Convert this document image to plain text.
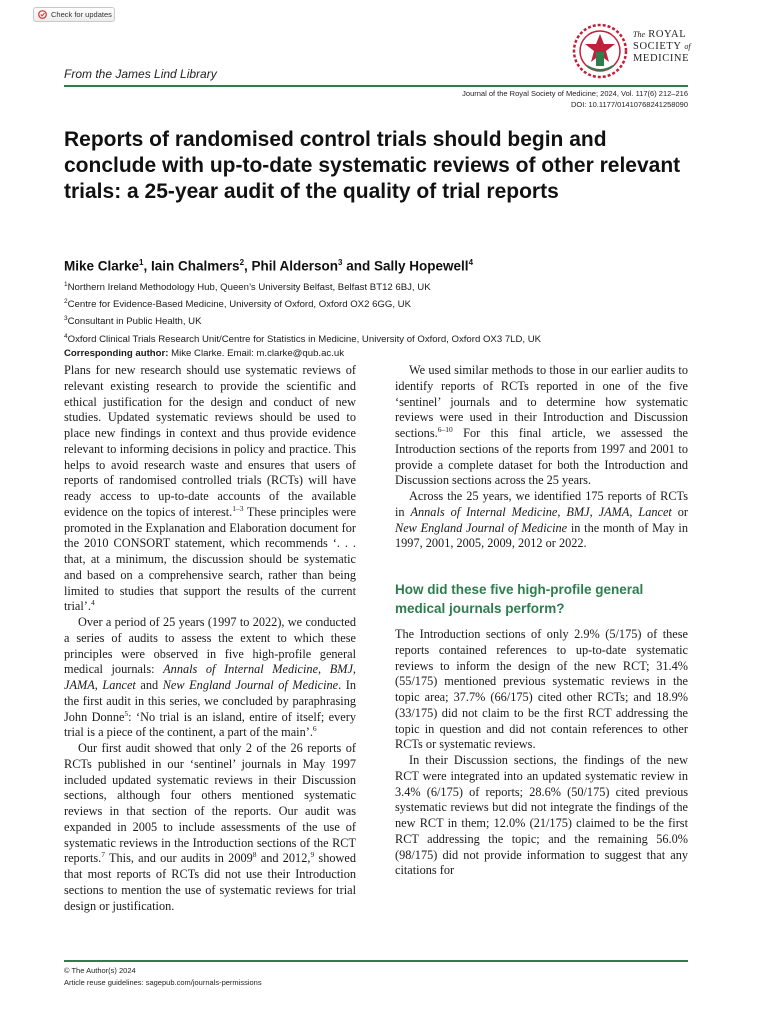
Check for updates
The ROYAL
SOCIETY of
MEDICINE
From the James Lind Library
Journal of the Royal Society of Medicine; 2024, Vol. 117(6) 212–216
DOI: 10.1177/01410768241258090
Reports of randomised control trials should begin and conclude with up-to-date systematic reviews of other relevant trials: a 25-year audit of the quality of trial reports
Mike Clarke$^1$, Iain Chalmers$^2$, Phil Alderson$^3$ and Sally Hopewell$^4$
$^1$Northern Ireland Methodology Hub, Queen’s University Belfast, Belfast BT12 6BJ, UK
$^2$Centre for Evidence-Based Medicine, University of Oxford, Oxford OX2 6GG, UK
$^3$Consultant in Public Health, UK
$^4$Oxford Clinical Trials Research Unit/Centre for Statistics in Medicine, University of Oxford, Oxford OX3 7LD, UK
Corresponding author: Mike Clarke. Email: m.clarke@qub.ac.uk

Plans for new research should use systematic reviews of relevant existing research to provide the scientific and ethical justification for the design and conduct of new studies. Updated systematic reviews should be used to place new findings in context and thus provide evidence relevant to informing decisions in policy and practice. This helps to avoid research waste and ensures that users of reports of randomised controlled trials (RCTs) will have ready access to up-to-date accounts of the available evidence on the topics of interest.$^{1-3}$ These principles were promoted in the Explanation and Elaboration document for the 2010 CONSORT statement, which recommends ‘. . . that, at a minimum, the discussion should be systematic and based on a comprehensive search, rather than being limited to studies that support the results of the current trial’.$^4$

Over a period of 25 years (1997 to 2022), we conducted a series of audits to assess the extent to which these principles were observed in five high-profile general medical journals: Annals of Internal Medicine, BMJ, JAMA, Lancet and New England Journal of Medicine. In the first audit in this series, we concluded by paraphrasing John Donne$^5$: ‘No trial is an island, entire of itself; every trial is a piece of the continent, a part of the main’.$^6$

Our first audit showed that only 2 of the 26 reports of RCTs published in our ‘sentinel’ journals in May 1997 included updated systematic reviews in their Discussion sections, although four others mentioned systematic reviews in that section of the reports. Our audit was expanded in 2005 to include assessments of the use of systematic reviews in the Introduction sections of the RCT reports.$^7$ This, and our audits in 2009$^8$ and 2012,$^9$ showed that most reports of RCTs did not use their Introduction sections to mention the use of systematic reviews for trial design or justification.

We used similar methods to those in our earlier audits to identify reports of RCTs reported in one of the five ‘sentinel’ journals and to determine how systematic reviews were used in their Introduction and Discussion sections.$^{6-10}$ For this final article, we assessed the Introduction sections of the reports from 1997 and 2001 to provide a complete dataset for both the Introduction and Discussion sections across the 25 years.

Across the 25 years, we identified 175 reports of RCTs in Annals of Internal Medicine, BMJ, JAMA, Lancet or New England Journal of Medicine in the month of May in 1997, 2001, 2005, 2009, 2012 or 2022.

How did these five high-profile general medical journals perform?

The Introduction sections of only 2.9% (5/175) of these reports contained references to up-to-date systematic reviews to inform the design of the new RCT; 31.4% (55/175) mentioned previous systematic reviews in the topic area; 37.7% (66/175) cited other RCTs; and 18.9% (33/175) did not claim to be the first RCT addressing the topic in question and did not contain references to other RCTs or systematic reviews.

In their Discussion sections, the findings of the new RCT were integrated into an updated systematic review in 3.4% (6/175) of reports; 28.6% (50/175) cited previous systematic reviews but did not integrate the findings of the new RCT in them; 12.0% (21/175) claimed to be the first RCT addressing the topic; and the remaining 56.0% (98/175) did not provide information to suggest that any citations for

© The Author(s) 2024
Article reuse guidelines: sagepub.com/journals-permissions
